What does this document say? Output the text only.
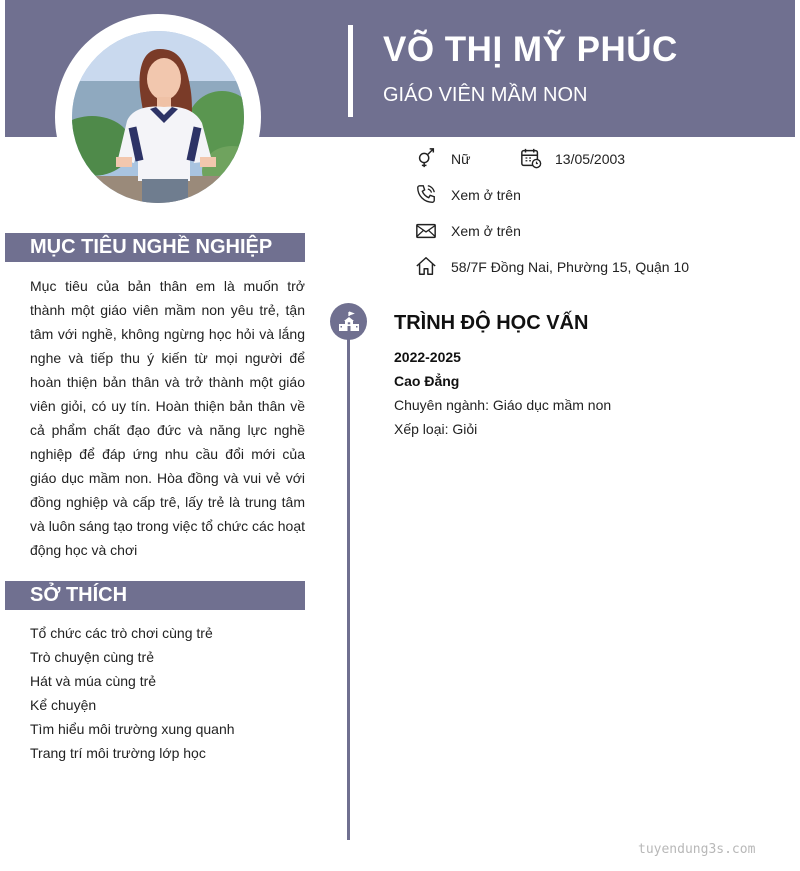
VÕ THỊ MỸ PHÚC
GIÁO VIÊN MẦM NON
Nữ	13/05/2003
Xem ở trên
Xem ở trên
58/7F Đồng Nai, Phường 15, Quận 10
MỤC TIÊU NGHỀ NGHIỆP
Mục tiêu của bản thân em là muốn trở thành một giáo viên mầm non yêu trẻ, tận tâm với nghề, không ngừng học hỏi và lắng nghe và tiếp thu ý kiến từ mọi người để hoàn thiện bản thân và trở thành một giáo viên giỏi, có uy tín. Hoàn thiện bản thân về cả phẩm chất đạo đức và năng lực nghề nghiệp để đáp ứng nhu cầu đổi mới của giáo dục mầm non. Hòa đồng và vui vẻ với đồng nghiệp và cấp trê, lấy trẻ là trung tâm và luôn sáng tạo trong việc tổ chức các hoạt động học và chơi
SỞ THÍCH
Tổ chức các trò chơi cùng trẻ
Trò chuyện cùng trẻ
Hát và múa cùng trẻ
Kể chuyện
Tìm hiểu môi trường xung quanh
Trang trí môi trường lớp học
TRÌNH ĐỘ HỌC VẤN
2022-2025
Cao Đẳng
Chuyên ngành: Giáo dục mầm non
Xếp loại: Giỏi
tuyendung3s.com
